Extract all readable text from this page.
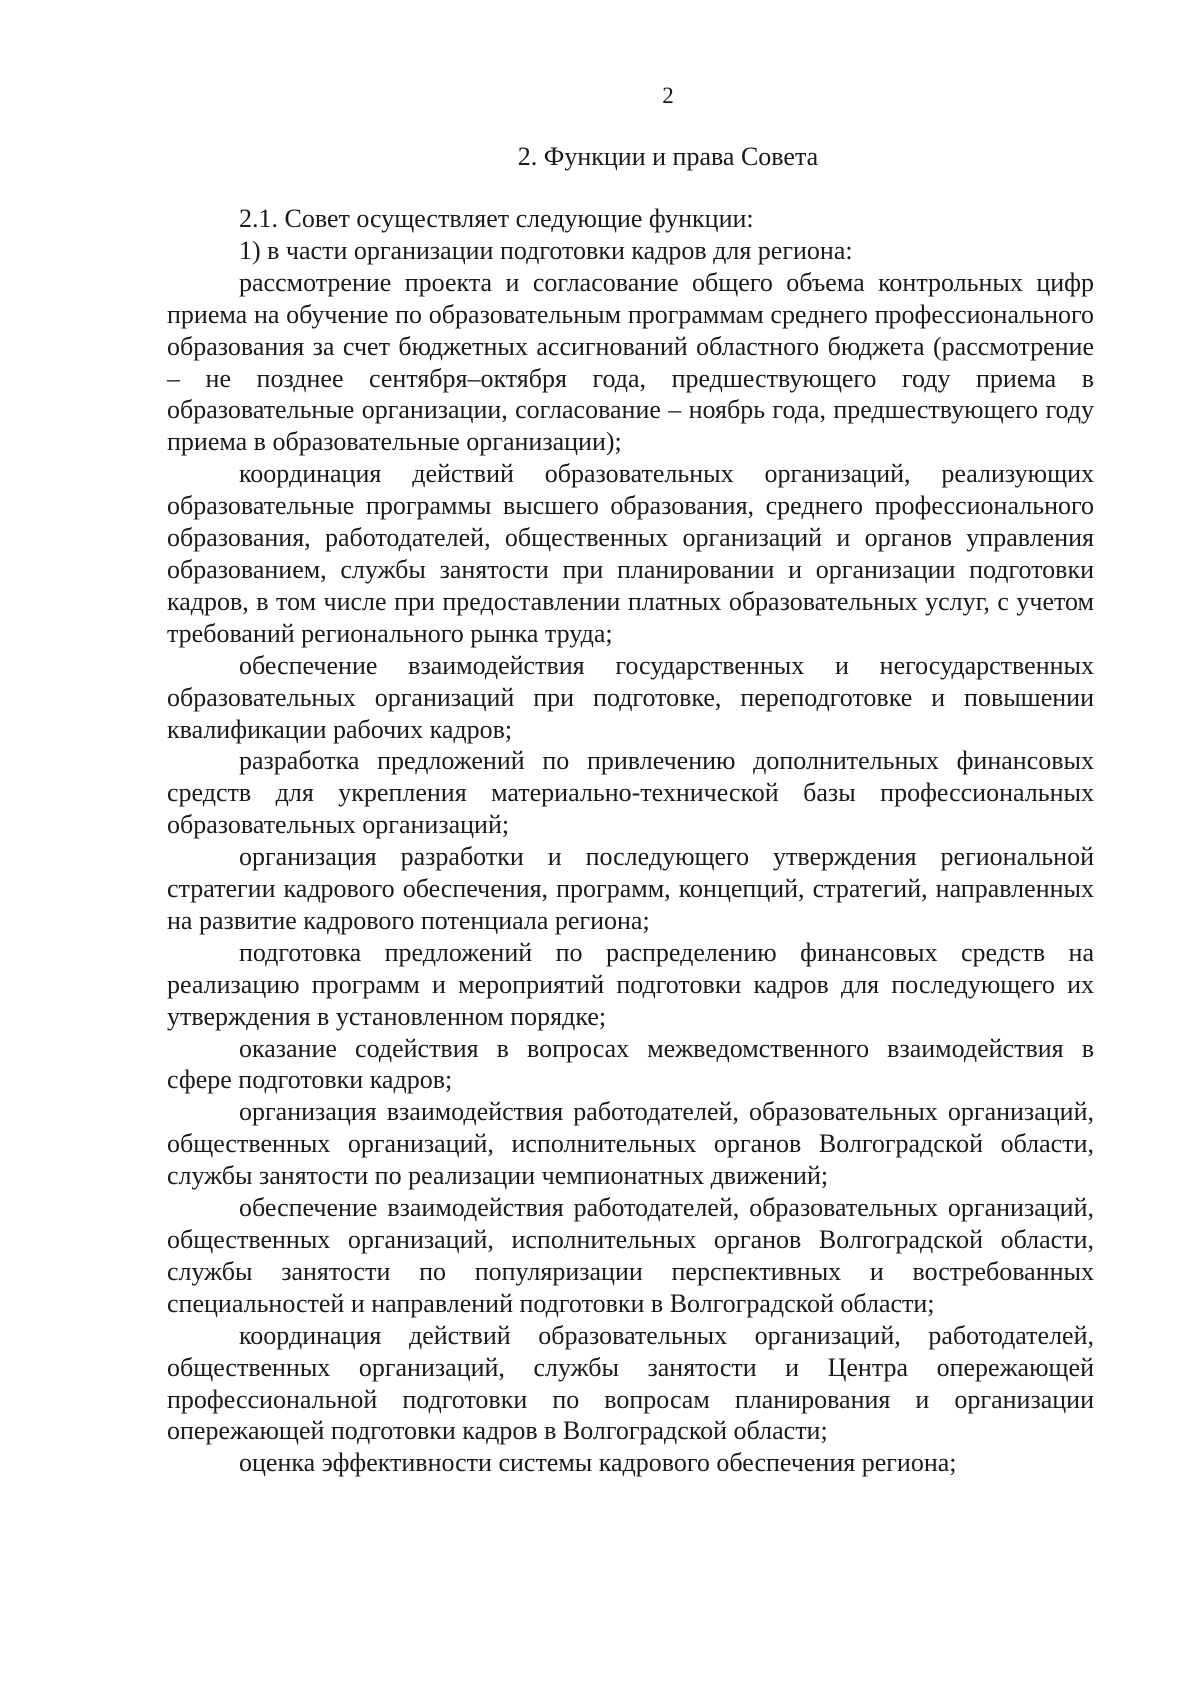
2
2. Функции и права Совета

2.1. Совет осуществляет следующие функции:

1) в части организации подготовки кадров для региона:

рассмотрение проекта и согласование общего объема контрольных цифр приема на обучение по образовательным программам среднего профессионального образования за счет бюджетных ассигнований областного бюджета (рассмотрение – не позднее сентября–октября года, предшествующего году приема в образовательные организации, согласование – ноябрь года, предшествующего году приема в образовательные организации);

координация действий образовательных организаций, реализующих образовательные программы высшего образования, среднего профессионального образования, работодателей, общественных организаций и органов управления образованием, службы занятости при планировании и организации подготовки кадров, в том числе при предоставлении платных образовательных услуг, с учетом требований регионального рынка труда;

обеспечение взаимодействия государственных и негосударственных образовательных организаций при подготовке, переподготовке и повышении квалификации рабочих кадров;

разработка предложений по привлечению дополнительных финансовых средств для укрепления материально-технической базы профессиональных образовательных организаций;

организация разработки и последующего утверждения региональной стратегии кадрового обеспечения, программ, концепций, стратегий, направленных на развитие кадрового потенциала региона;

подготовка предложений по распределению финансовых средств на реализацию программ и мероприятий подготовки кадров для последующего их утверждения в установленном порядке;

оказание содействия в вопросах межведомственного взаимодействия в сфере подготовки кадров;

организация взаимодействия работодателей, образовательных организаций, общественных организаций, исполнительных органов Волгоградской области, службы занятости по реализации чемпионатных движений;

обеспечение взаимодействия работодателей, образовательных организаций, общественных организаций, исполнительных органов Волгоградской области, службы занятости по популяризации перспективных и востребованных специальностей и направлений подготовки в Волгоградской области;

координация действий образовательных организаций, работодателей, общественных организаций, службы занятости и Центра опережающей профессиональной подготовки по вопросам планирования и организации опережающей подготовки кадров в Волгоградской области;

оценка эффективности системы кадрового обеспечения региона;
